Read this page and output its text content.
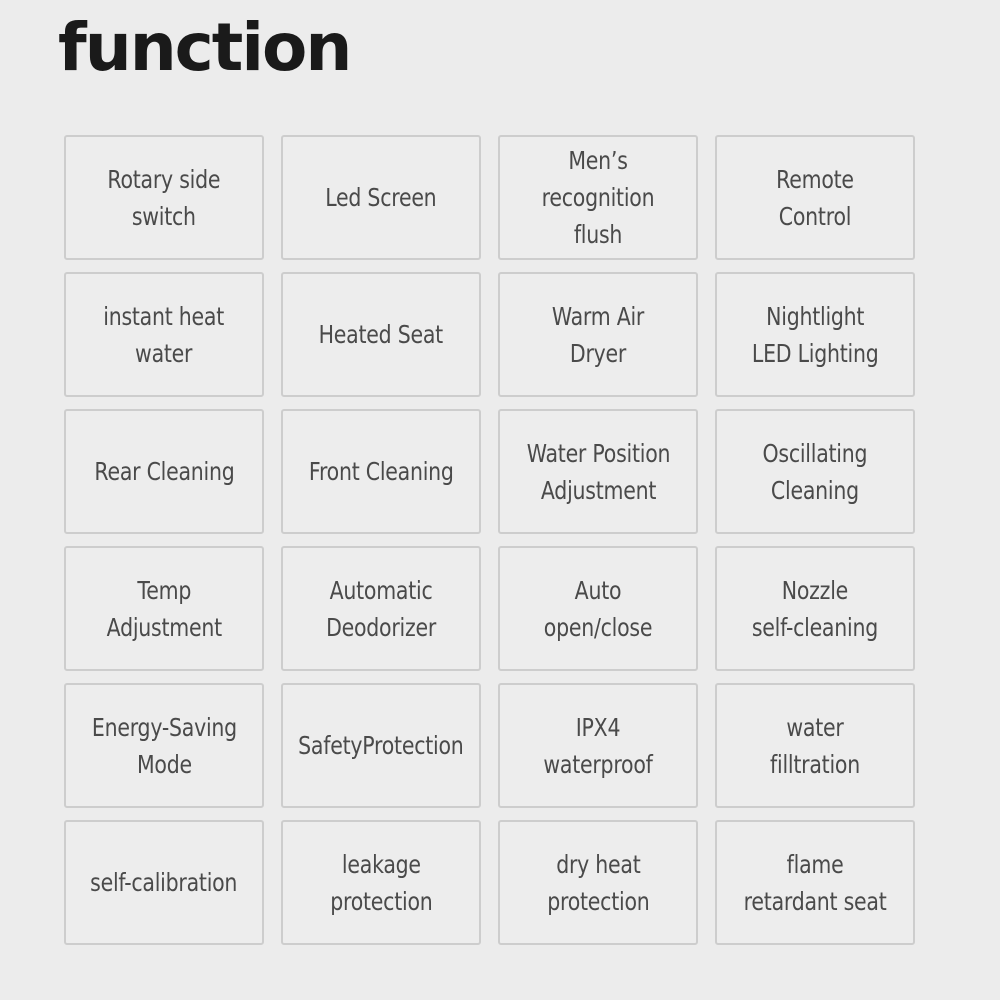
function
Rotary side
switch
Led Screen
Men’s
recognition flush
Remote Control
instant heat
water
Heated Seat
Warm Air Dryer
Nightlight
LED Lighting
Rear Cleaning	Front Cleaning
Water Position
Adjustment
Oscillating
Cleaning
Temp
Adjustment
Automatic
Deodorizer
Auto open/close
Nozzle
self-cleaning
Energy-Saving
Mode
SafetyProtection
IPX4 waterproof
water filltration
self-calibration
leakage
protection
dry heat
protection
flame
retardant seat
